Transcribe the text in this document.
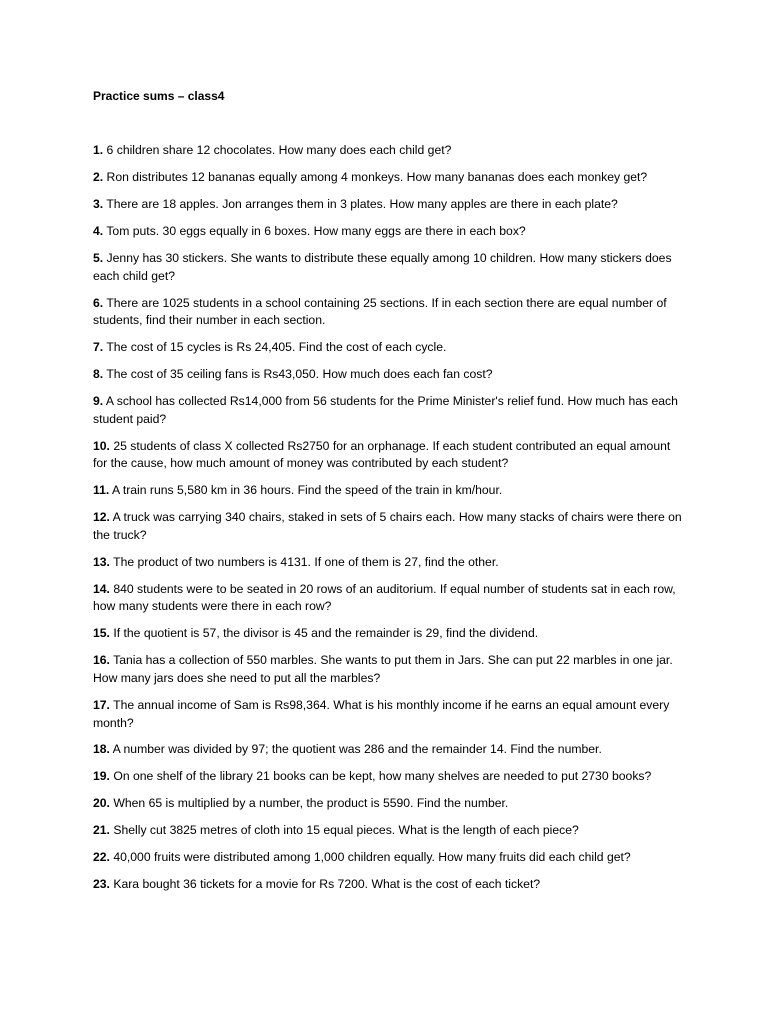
Practice sums – class4
1. 6 children share 12 chocolates. How many does each child get?
2. Ron distributes 12 bananas equally among 4 monkeys. How many bananas does each monkey get?
3. There are 18 apples. Jon arranges them in 3 plates. How many apples are there in each plate?
4. Tom puts. 30 eggs equally in 6 boxes. How many eggs are there in each box?
5. Jenny has 30 stickers. She wants to distribute these equally among 10 children. How many stickers does each child get?
6. There are 1025 students in a school containing 25 sections. If in each section there are equal number of students, find their number in each section.
7. The cost of 15 cycles is Rs 24,405. Find the cost of each cycle.
8. The cost of 35 ceiling fans is Rs43,050. How much does each fan cost?
9. A school has collected Rs14,000 from 56 students for the Prime Minister's relief fund. How much has each student paid?
10. 25 students of class X collected Rs2750 for an orphanage. If each student contributed an equal amount for the cause, how much amount of money was contributed by each student?
11. A train runs 5,580 km in 36 hours. Find the speed of the train in km/hour.
12. A truck was carrying 340 chairs, staked in sets of 5 chairs each. How many stacks of chairs were there on the truck?
13. The product of two numbers is 4131. If one of them is 27, find the other.
14. 840 students were to be seated in 20 rows of an auditorium. If equal number of students sat in each row, how many students were there in each row?
15. If the quotient is 57, the divisor is 45 and the remainder is 29, find the dividend.
16. Tania has a collection of 550 marbles. She wants to put them in Jars. She can put 22 marbles in one jar. How many jars does she need to put all the marbles?
17. The annual income of Sam is Rs98,364. What is his monthly income if he earns an equal amount every month?
18. A number was divided by 97; the quotient was 286 and the remainder 14. Find the number.
19. On one shelf of the library 21 books can be kept, how many shelves are needed to put 2730 books?
20. When 65 is multiplied by a number, the product is 5590. Find the number.
21. Shelly cut 3825 metres of cloth into 15 equal pieces. What is the length of each piece?
22. 40,000 fruits were distributed among 1,000 children equally. How many fruits did each child get?
23. Kara bought 36 tickets for a movie for Rs 7200. What is the cost of each ticket?
